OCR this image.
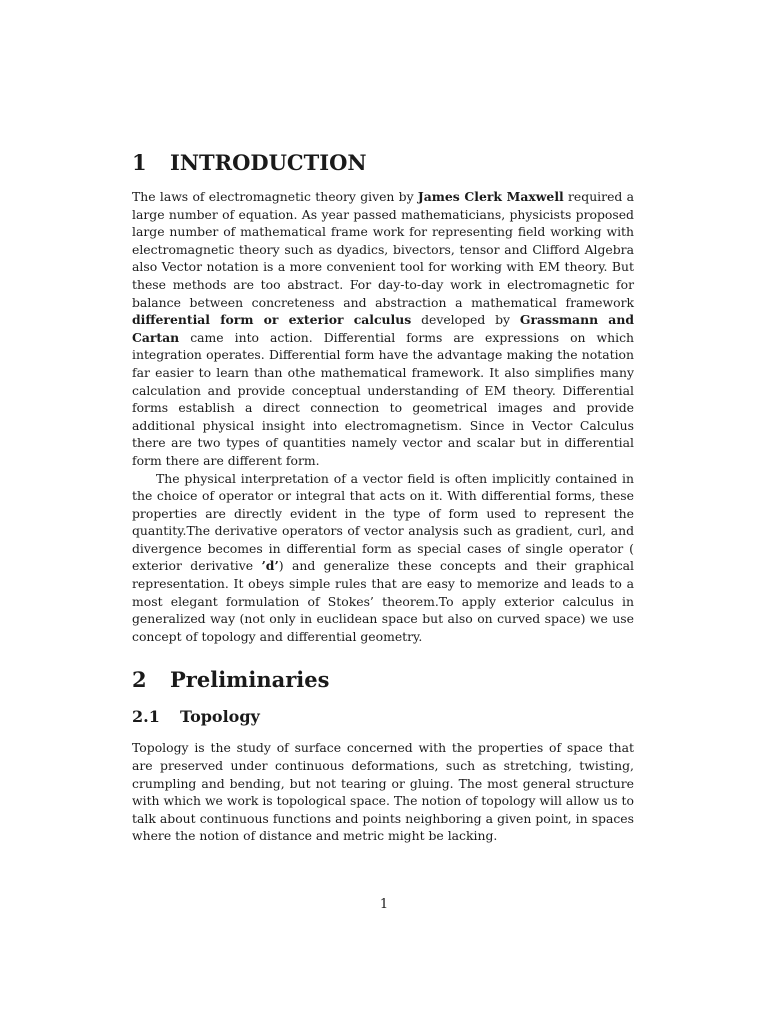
1 INTRODUCTION

The laws of electromagnetic theory given by James Clerk Maxwell required a large number of equation. As year passed mathematicians, physicists proposed large number of mathematical frame work for representing field working with electromagnetic theory such as dyadics, bivectors, tensor and Clifford Algebra also Vector notation is a more convenient tool for working with EM theory. But these methods are too abstract. For day-to-day work in electromagnetic for balance between concreteness and abstraction a mathematical framework differential form or exterior calculus developed by Grassmann and Cartan came into action. Differential forms are expressions on which integration operates. Differential form have the advantage making the notation far easier to learn than othe mathematical framework. It also simplifies many calculation and provide conceptual understanding of EM theory. Differential forms establish a direct connection to geometrical images and provide additional physical insight into electromagnetism. Since in Vector Calculus there are two types of quantities namely vector and scalar but in differential form there are different form.

The physical interpretation of a vector field is often implicitly contained in the choice of operator or integral that acts on it. With differential forms, these properties are directly evident in the type of form used to represent the quantity.The derivative operators of vector analysis such as gradient, curl, and divergence becomes in differential form as special cases of single operator ( exterior derivative ’d’) and generalize these concepts and their graphical representation. It obeys simple rules that are easy to memorize and leads to a most elegant formulation of Stokes’ theorem.To apply exterior calculus in generalized way (not only in euclidean space but also on curved space) we use concept of topology and differential geometry.

2 Preliminaries
2.1 Topology

Topology is the study of surface concerned with the properties of space that are preserved under continuous deformations, such as stretching, twisting, crumpling and bending, but not tearing or gluing. The most general structure with which we work is topological space. The notion of topology will allow us to talk about continuous functions and points neighboring a given point, in spaces where the notion of distance and metric might be lacking.

1
